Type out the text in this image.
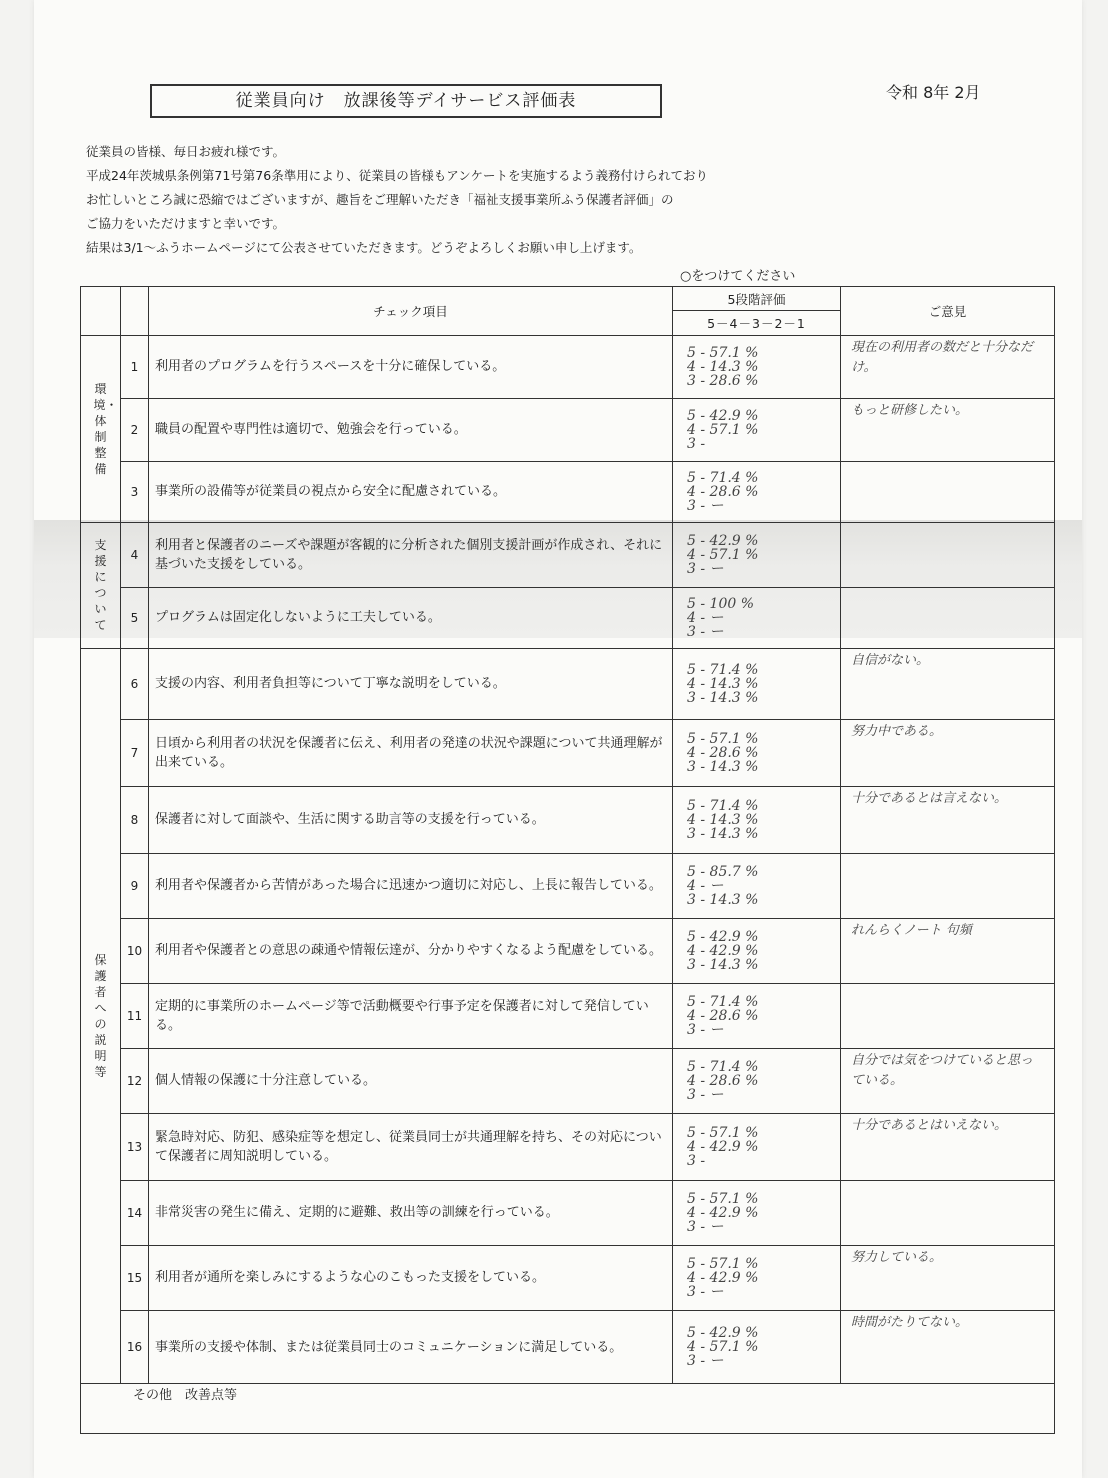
従業員向け　放課後等デイサービス評価表	令和 8年 2月
従業員の皆様、毎日お疲れ様です。
平成24年茨城県条例第71号第76条準用により、従業員の皆様もアンケートを実施するよう義務付けられており
お忙しいところ誠に恐縮ではございますが、趣旨をご理解いただき「福祉支援事業所ふう保護者評価」の
ご協力をいただけますと幸いです。
結果は3/1～ふうホームページにて公表させていただきます。どうぞよろしくお願い申し上げます。
○をつけてください
		チェック項目	5段階評価	ご意見
			5－4－3－2－1	
環境・体制整備	1	利用者のプログラムを行うスペースを十分に確保している。	5 - 57.1 %
4 - 14.3 %
3 - 28.6 %	現在の利用者の数だと十分なだけ。
	2	職員の配置や専門性は適切で、勉強会を行っている。	5 - 42.9 %
4 - 57.1 %
3 -	もっと研修したい。
	3	事業所の設備等が従業員の視点から安全に配慮されている。	5 - 71.4 %
4 - 28.6 %
3 - ー	
支援について	4	利用者と保護者のニーズや課題が客観的に分析された個別支援計画が作成され、それに基づいた支援をしている。	5 - 42.9 %
4 - 57.1 %
3 - ー	
	5	プログラムは固定化しないように工夫している。	5 - 100 %
4 - ー
3 - ー	
保護者への説明等	6	支援の内容、利用者負担等について丁寧な説明をしている。	5 - 71.4 %
4 - 14.3 %
3 - 14.3 %	自信がない。
	7	日頃から利用者の状況を保護者に伝え、利用者の発達の状況や課題について共通理解が出来ている。	5 - 57.1 %
4 - 28.6 %
3 - 14.3 %	努力中である。
	8	保護者に対して面談や、生活に関する助言等の支援を行っている。	5 - 71.4 %
4 - 14.3 %
3 - 14.3 %	十分であるとは言えない。
	9	利用者や保護者から苦情があった場合に迅速かつ適切に対応し、上長に報告している。	5 - 85.7 %
4 - ー
3 - 14.3 %	
	10	利用者や保護者との意思の疎通や情報伝達が、分かりやすくなるよう配慮をしている。	5 - 42.9 %
4 - 42.9 %
3 - 14.3 %	れんらくノート 句頻
	11	定期的に事業所のホームページ等で活動概要や行事予定を保護者に対して発信している。	5 - 71.4 %
4 - 28.6 %
3 - ー	
	12	個人情報の保護に十分注意している。	5 - 71.4 %
4 - 28.6 %
3 - ー	自分では気をつけていると思っている。
	13	緊急時対応、防犯、感染症等を想定し、従業員同士が共通理解を持ち、その対応について保護者に周知説明している。	5 - 57.1 %
4 - 42.9 %
3 -	十分であるとはいえない。
	14	非常災害の発生に備え、定期的に避難、救出等の訓練を行っている。	5 - 57.1 %
4 - 42.9 %
3 - ー	
	15	利用者が通所を楽しみにするような心のこもった支援をしている。	5 - 57.1 %
4 - 42.9 %
3 - ー	努力している。
	16	事業所の支援や体制、または従業員同士のコミュニケーションに満足している。	5 - 42.9 %
4 - 57.1 %
3 - ー	時間がたりてない。
その他　改善点等				
